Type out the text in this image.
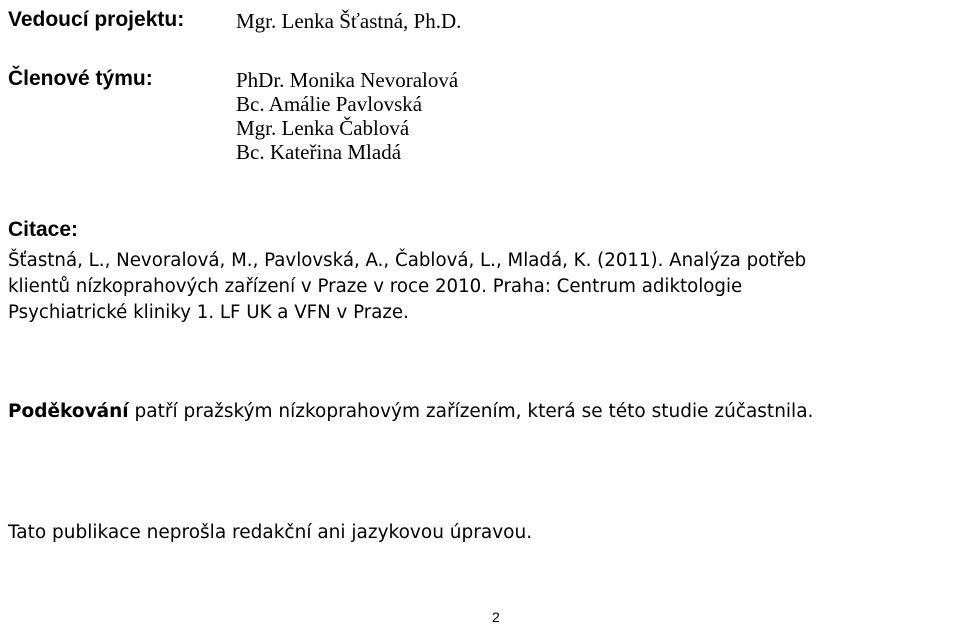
Vedoucí projektu: Mgr. Lenka Šťastná, Ph.D.
Členové týmu:	PhDr. Monika Nevoralová
Bc. Amálie Pavlovská
Mgr. Lenka Čablová
Bc. Kateřina Mladá
Citace:
Šťastná, L., Nevoralová, M., Pavlovská, A., Čablová, L., Mladá, K. (2011). Analýza potřeb
klientů nízkoprahových zařízení v Praze v roce 2010. Praha: Centrum adiktologie
Psychiatrické kliniky 1. LF UK a VFN v Praze.
Poděkování patří pražským nízkoprahovým zařízením, která se této studie zúčastnila.
Tato publikace neprošla redakční ani jazykovou úpravou.
2
